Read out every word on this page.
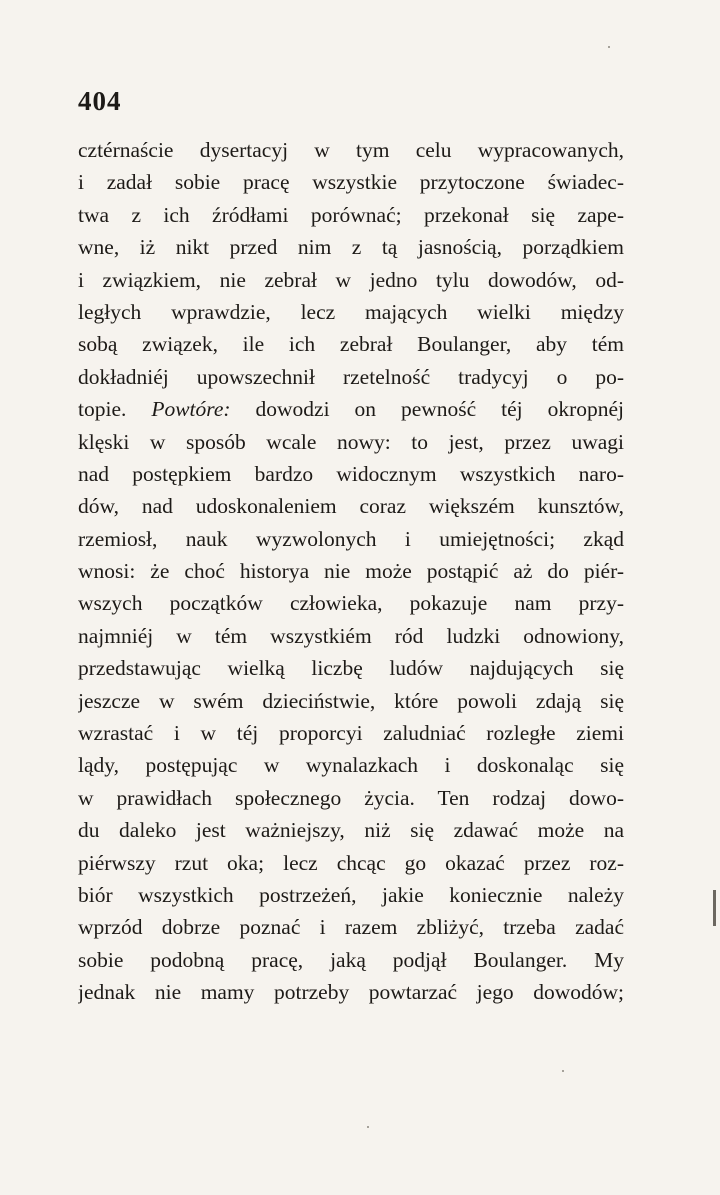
404
cztérnaście dysertacyj w tym celu wypracowanych,
i zadał sobie pracę wszystkie przytoczone świadec-
twa z ich źródłami porównać; przekonał się zape-
wne, iż nikt przed nim z tą jasnością, porządkiem
i związkiem, nie zebrał w jedno tylu dowodów, od-
ległych wprawdzie, lecz mających wielki między
sobą związek, ile ich zebrał Boulanger, aby tém
dokładniéj upowszechnił rzetelność tradycyj o po-
topie. Powtóre: dowodzi on pewność téj okropnéj
klęski w sposób wcale nowy: to jest, przez uwagi
nad postępkiem bardzo widocznym wszystkich naro-
dów, nad udoskonaleniem coraz większém kunsztów,
rzemiosł, nauk wyzwolonych i umiejętności; zkąd
wnosi: że choć historya nie może postąpić aż do piér-
wszych początków człowieka, pokazuje nam przy-
najmniéj w tém wszystkiém ród ludzki odnowiony,
przedstawując wielką liczbę ludów najdujących się
jeszcze w swém dzieciństwie, które powoli zdają się
wzrastać i w téj proporcyi zaludniać rozległe ziemi
lądy, postępując w wynalazkach i doskonaląc się
w prawidłach społecznego życia. Ten rodzaj dowo-
du daleko jest ważniejszy, niż się zdawać może na
piérwszy rzut oka; lecz chcąc go okazać przez roz-
biór wszystkich postrzeżeń, jakie koniecznie należy
wprzód dobrze poznać i razem zbliżyć, trzeba zadać
sobie podobną pracę, jaką podjął Boulanger. My
jednak nie mamy potrzeby powtarzać jego dowodów;
